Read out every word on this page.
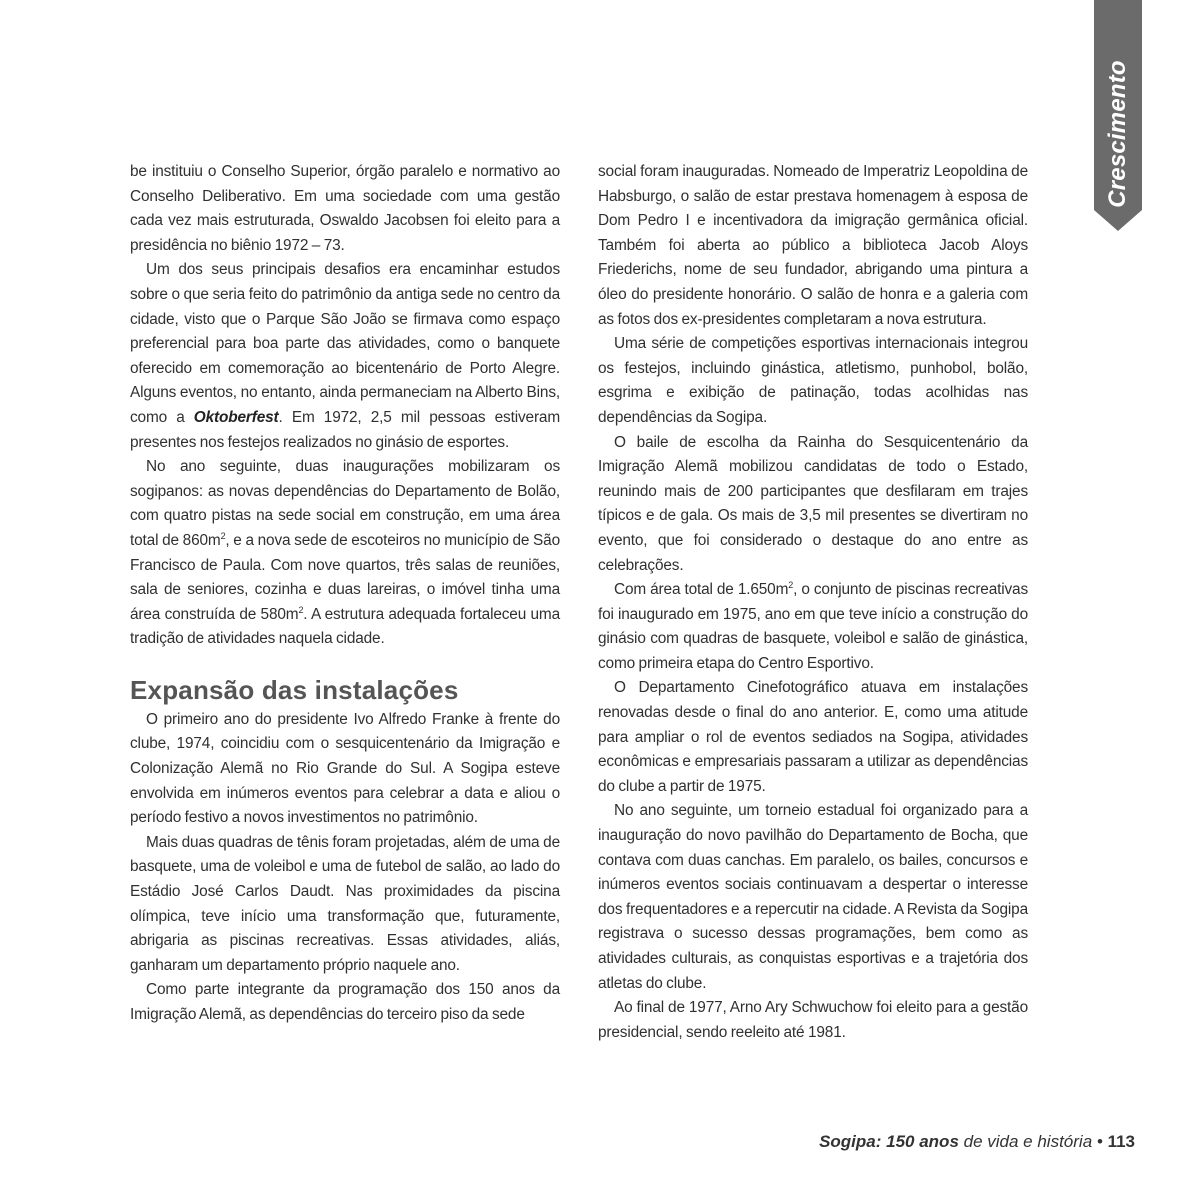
Crescimento

be instituiu o Conselho Superior, órgão paralelo e normativo ao Conselho Deliberativo. Em uma sociedade com uma gestão cada vez mais estruturada, Oswaldo Jacobsen foi eleito para a presidência no biênio 1972 – 73.

Um dos seus principais desafios era encaminhar estudos sobre o que seria feito do patrimônio da antiga sede no centro da cidade, visto que o Parque São João se firmava como espaço preferencial para boa parte das atividades, como o banquete oferecido em comemoração ao bicentenário de Porto Alegre. Alguns eventos, no entanto, ainda permaneciam na Alberto Bins, como a Oktoberfest. Em 1972, 2,5 mil pessoas estiveram presentes nos festejos realizados no ginásio de esportes.

No ano seguinte, duas inaugurações mobilizaram os sogipanos: as novas dependências do Departamento de Bolão, com quatro pistas na sede social em construção, em uma área total de $860m^2$, e a nova sede de escoteiros no município de São Francisco de Paula. Com nove quartos, três salas de reuniões, sala de seniores, cozinha e duas lareiras, o imóvel tinha uma área construída de $580m^2$. A estrutura adequada fortaleceu uma tradição de atividades naquela cidade.

Expansão das instalações

O primeiro ano do presidente Ivo Alfredo Franke à frente do clube, 1974, coincidiu com o sesquicentenário da Imigração e Colonização Alemã no Rio Grande do Sul. A Sogipa esteve envolvida em inúmeros eventos para celebrar a data e aliou o período festivo a novos investimentos no patrimônio.

Mais duas quadras de tênis foram projetadas, além de uma de basquete, uma de voleibol e uma de futebol de salão, ao lado do Estádio José Carlos Daudt. Nas proximidades da piscina olímpica, teve início uma transformação que, futuramente, abrigaria as piscinas recreativas. Essas atividades, aliás, ganharam um departamento próprio naquele ano.

Como parte integrante da programação dos 150 anos da Imigração Alemã, as dependências do terceiro piso da sede

social foram inauguradas. Nomeado de Imperatriz Leopoldina de Habsburgo, o salão de estar prestava homenagem à esposa de Dom Pedro I e incentivadora da imigração germânica oficial. Também foi aberta ao público a biblioteca Jacob Aloys Friederichs, nome de seu fundador, abrigando uma pintura a óleo do presidente honorário. O salão de honra e a galeria com as fotos dos ex-presidentes completaram a nova estrutura.

Uma série de competições esportivas internacionais integrou os festejos, incluindo ginástica, atletismo, punhobol, bolão, esgrima e exibição de patinação, todas acolhidas nas dependências da Sogipa.

O baile de escolha da Rainha do Sesquicentenário da Imigração Alemã mobilizou candidatas de todo o Estado, reunindo mais de 200 participantes que desfilaram em trajes típicos e de gala. Os mais de 3,5 mil presentes se divertiram no evento, que foi considerado o destaque do ano entre as celebrações.

Com área total de $1.650m^2$, o conjunto de piscinas recreativas foi inaugurado em 1975, ano em que teve início a construção do ginásio com quadras de basquete, voleibol e salão de ginástica, como primeira etapa do Centro Esportivo.

O Departamento Cinefotográfico atuava em instalações renovadas desde o final do ano anterior. E, como uma atitude para ampliar o rol de eventos sediados na Sogipa, atividades econômicas e empresariais passaram a utilizar as dependências do clube a partir de 1975.

No ano seguinte, um torneio estadual foi organizado para a inauguração do novo pavilhão do Departamento de Bocha, que contava com duas canchas. Em paralelo, os bailes, concursos e inúmeros eventos sociais continuavam a despertar o interesse dos frequentadores e a repercutir na cidade. A Revista da Sogipa registrava o sucesso dessas programações, bem como as atividades culturais, as conquistas esportivas e a trajetória dos atletas do clube.

Ao final de 1977, Arno Ary Schwuchow foi eleito para a gestão presidencial, sendo reeleito até 1981.

Sogipa: 150 anos de vida e história • 113
